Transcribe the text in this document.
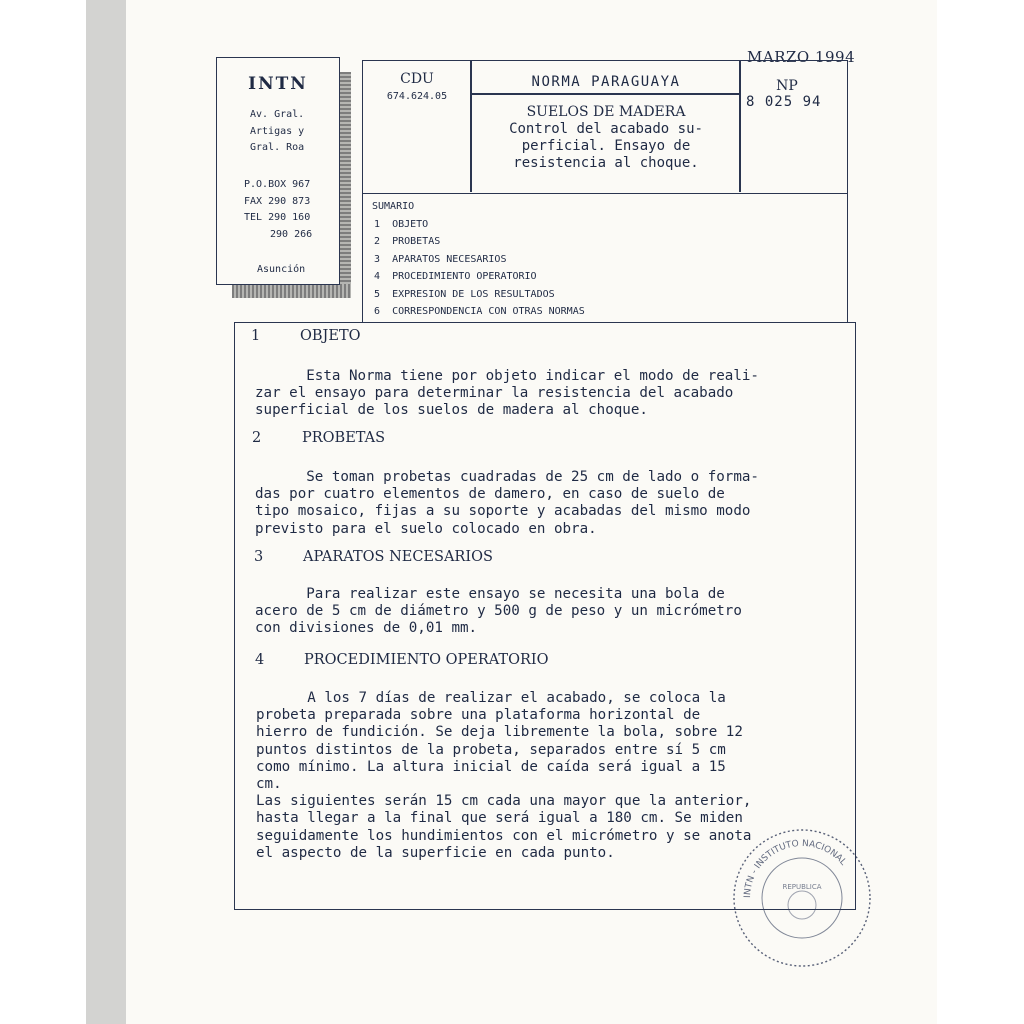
MARZO 1994
INTN
Av. Gral.
Artigas y
Gral. Roa
P.O.BOX 967
FAX 290 873
TEL 290 160
290 266
Asunción
CDU
674.624.05
NORMA PARAGUAYA
SUELOS DE MADERA
Control del acabado su-
perficial. Ensayo de
resistencia al choque.
NP
8 025 94
SUMARIO
1 OBJETO
2 PROBETAS
3 APARATOS NECESARIOS
4 PROCEDIMIENTO OPERATORIO
5 EXPRESION DE LOS RESULTADOS
6 CORRESPONDENCIA CON OTRAS NORMAS
1	OBJETO
Esta Norma tiene por objeto indicar el modo de reali-
zar el ensayo para determinar la resistencia del acabado
superficial de los suelos de madera al choque.
2	PROBETAS
Se toman probetas cuadradas de 25 cm de lado o forma-
das por cuatro elementos de damero, en caso de suelo de
tipo mosaico, fijas a su soporte y acabadas del mismo modo
previsto para el suelo colocado en obra.
3	APARATOS NECESARIOS
Para realizar este ensayo se necesita una bola de
acero de 5 cm de diámetro y 500 g de peso y un micrómetro
con divisiones de 0,01 mm.
4	PROCEDIMIENTO OPERATORIO
A los 7 días de realizar el acabado, se coloca la
probeta preparada sobre una plataforma horizontal de
hierro de fundición. Se deja libremente la bola, sobre 12
puntos distintos de la probeta, separados entre sí 5 cm
como mínimo. La altura inicial de caída será igual a 15
cm.
Las siguientes serán 15 cm cada una mayor que la anterior,
hasta llegar a la final que será igual a 180 cm. Se miden
seguidamente los hundimientos con el micrómetro y se anota
el aspecto de la superficie en cada punto.
INTN - INSTITUTO NACIONAL
REPUBLICA
